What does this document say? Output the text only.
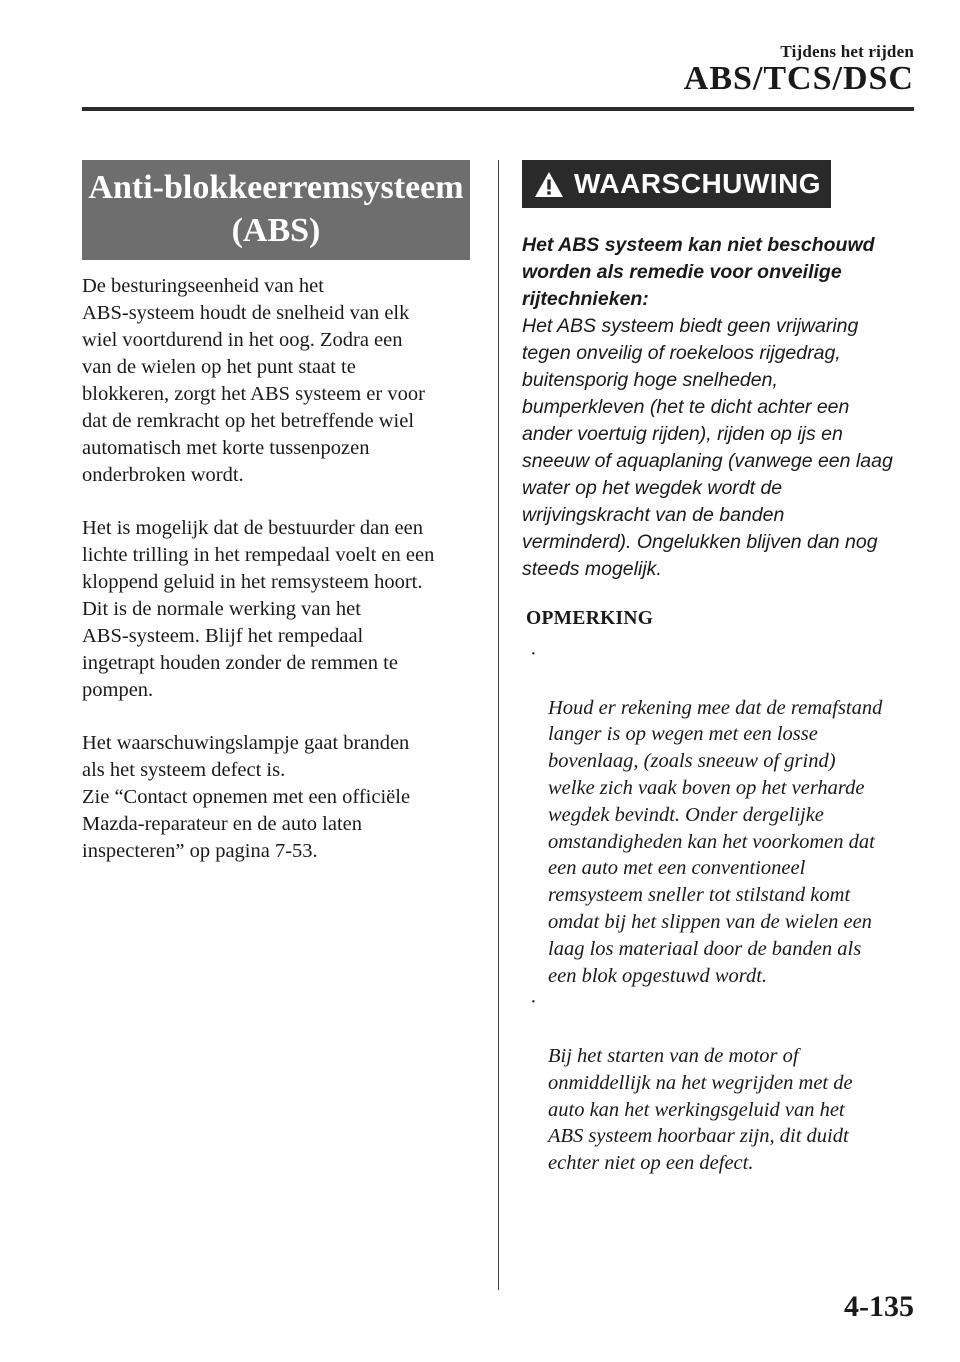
Tijdens het rijden
ABS/TCS/DSC
Anti-blokkeerremsysteem (ABS)

De besturingseenheid van het
ABS-systeem houdt de snelheid van elk
wiel voortdurend in het oog. Zodra een
van de wielen op het punt staat te
blokkeren, zorgt het ABS systeem er voor
dat de remkracht op het betreffende wiel
automatisch met korte tussenpozen
onderbroken wordt.

Het is mogelijk dat de bestuurder dan een
lichte trilling in het rempedaal voelt en een
kloppend geluid in het remsysteem hoort.
Dit is de normale werking van het
ABS-systeem. Blijf het rempedaal
ingetrapt houden zonder de remmen te
pompen.

Het waarschuwingslampje gaat branden
als het systeem defect is.
Zie “Contact opnemen met een officiële
Mazda-reparateur en de auto laten
inspecteren” op pagina 7-53.

WAARSCHUWING
Het ABS systeem kan niet beschouwd
worden als remedie voor onveilige
rijtechnieken:
Het ABS systeem biedt geen vrijwaring
tegen onveilig of roekeloos rijgedrag,
buitensporig hoge snelheden,
bumperkleven (het te dicht achter een
ander voertuig rijden), rijden op ijs en
sneeuw of aquaplaning (vanwege een laag
water op het wegdek wordt de
wrijvingskracht van de banden
verminderd). Ongelukken blijven dan nog
steeds mogelijk.
OPMERKING

·

Houd er rekening mee dat de remafstand
langer is op wegen met een losse
bovenlaag, (zoals sneeuw of grind)
welke zich vaak boven op het verharde
wegdek bevindt. Onder dergelijke
omstandigheden kan het voorkomen dat
een auto met een conventioneel
remsysteem sneller tot stilstand komt
omdat bij het slippen van de wielen een
laag los materiaal door de banden als
een blok opgestuwd wordt.

·

Bij het starten van de motor of
onmiddellijk na het wegrijden met de
auto kan het werkingsgeluid van het
ABS systeem hoorbaar zijn, dit duidt
echter niet op een defect.

4-135
